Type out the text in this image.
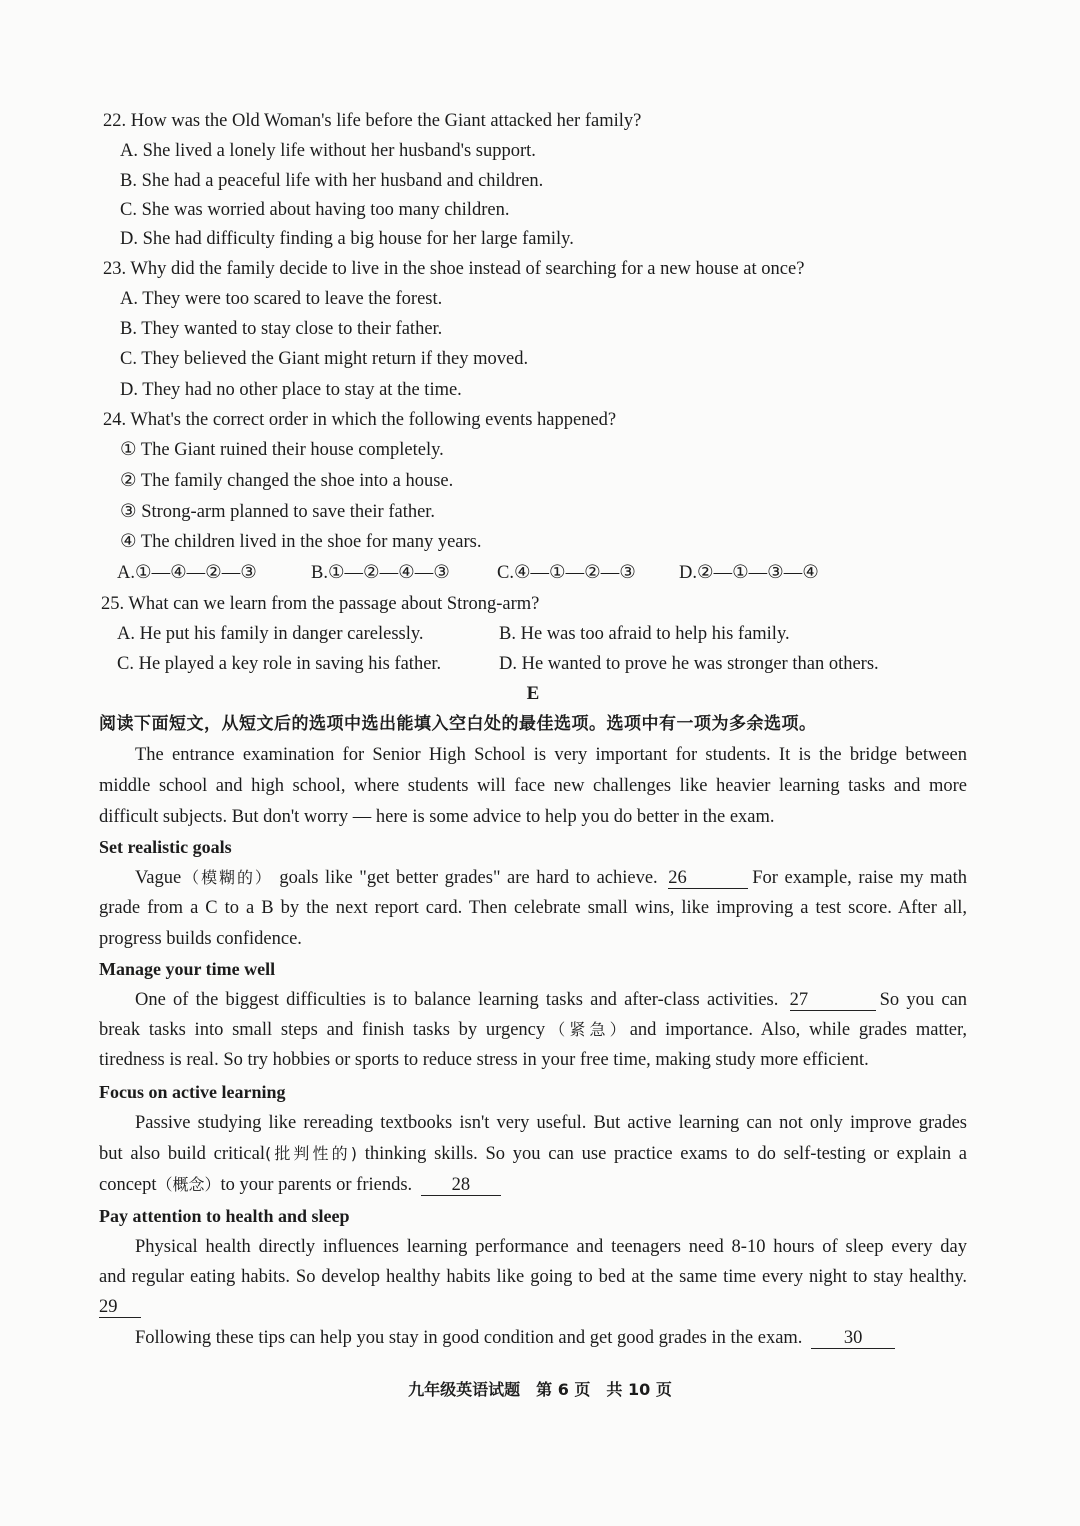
22. How was the Old Woman's life before the Giant attacked her family?
A. She lived a lonely life without her husband's support.
B. She had a peaceful life with her husband and children.
C. She was worried about having too many children.
D. She had difficulty finding a big house for her large family.
23. Why did the family decide to live in the shoe instead of searching for a new house at once?
A. They were too scared to leave the forest.
B. They wanted to stay close to their father.
C. They believed the Giant might return if they moved.
D. They had no other place to stay at the time.
24. What's the correct order in which the following events happened?
① The Giant ruined their house completely.
② The family changed the shoe into a house.
③ Strong-arm planned to save their father.
④ The children lived in the shoe for many years.
A.①—④—②—③	B.①—②—④—③	C.④—①—②—③ D.②—①—③—④
25. What can we learn from the passage about Strong-arm?
A. He put his family in danger carelessly.	B. He was too afraid to help his family.
C. He played a key role in saving his father.	D. He wanted to prove he was stronger than others.
E
阅读下面短文，从短文后的选项中选出能填入空白处的最佳选项。选项中有一项为多余选项。
The entrance examination for Senior High School is very important for students. It is the bridge between
middle school and high school, where students will face new challenges like heavier learning tasks and more
difficult subjects. But don't worry — here is some advice to help you do better in the exam.
Set realistic goals
Vague（模糊的） goals like "get better grades" are hard to achieve. 26	For example, raise my math
grade from a C to a B by the next report card. Then celebrate small wins, like improving a test score. After all,
progress builds confidence.
Manage your time well
One of the biggest difficulties is to balance learning tasks and after-class activities. 27	So you can
break tasks into small steps and finish tasks by urgency（紧急）and importance. Also, while grades matter,
tiredness is real. So try hobbies or sports to reduce stress in your free time, making study more efficient.
Focus on active learning
Passive studying like rereading textbooks isn't very useful. But active learning can not only improve grades
but also build critical(批判性的) thinking skills. So you can use practice exams to do self-testing or explain a
concept（概念）to your parents or friends. 28
Pay attention to health and sleep
Physical health directly influences learning performance and teenagers need 8-10 hours of sleep every day
and regular eating habits. So develop healthy habits like going to bed at the same time every night to stay healthy.
29
Following these tips can help you stay in good condition and get good grades in the exam. 30
九年级英语试题　第 6 页　共 10 页
